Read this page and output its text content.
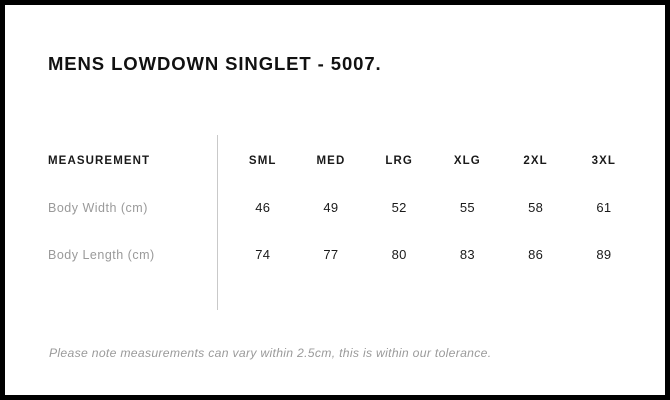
MENS LOWDOWN SINGLET - 5007.
MEASUREMENT	SML	MED	LRG	XLG	2XL	3XL
Body Width (cm)	46	49	52	55	58	61
Body Length (cm)	74	77	80	83	86	89
Please note measurements can vary within 2.5cm, this is within our tolerance.
